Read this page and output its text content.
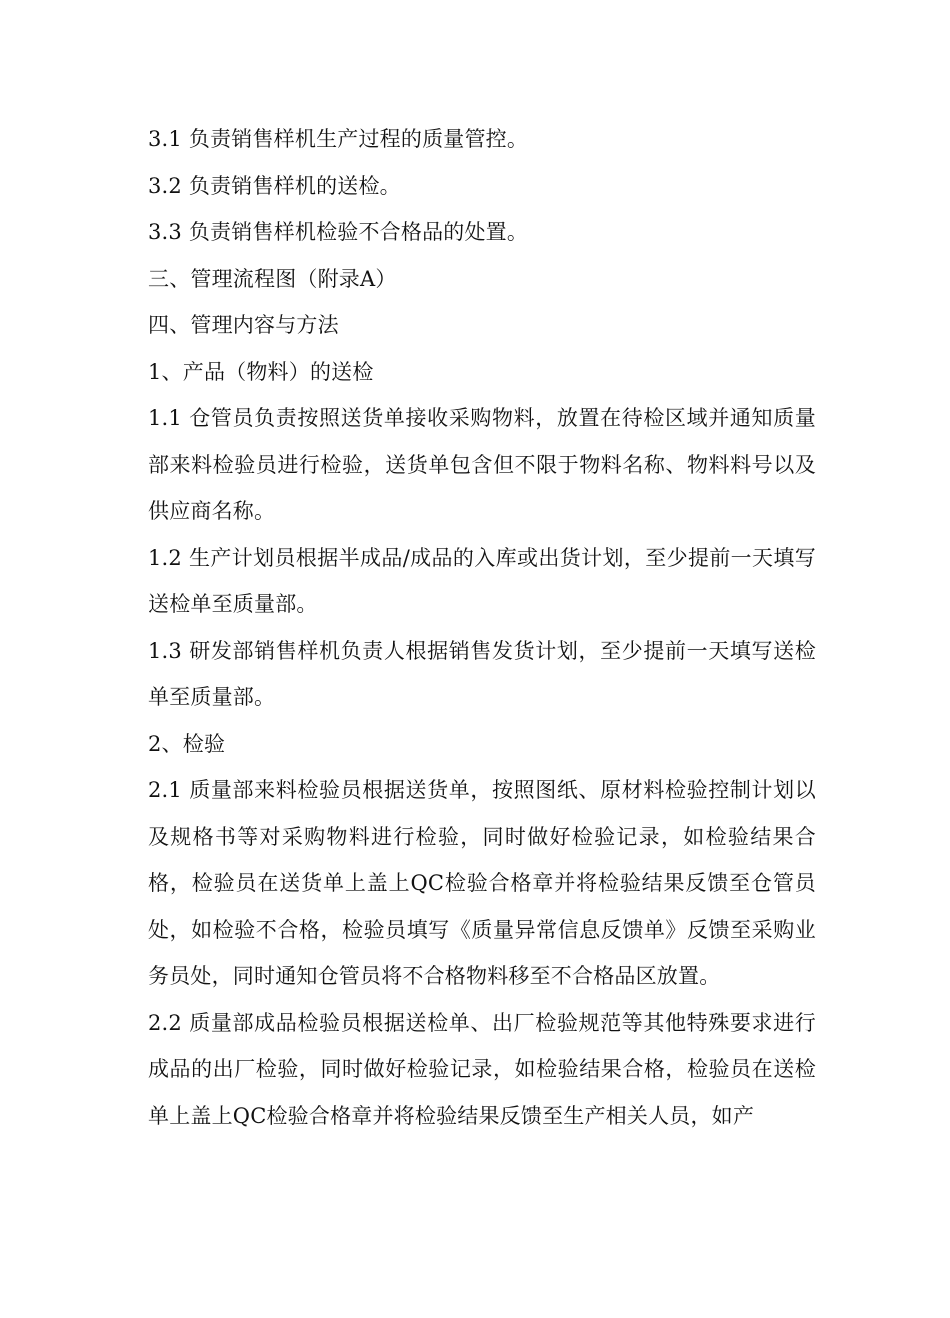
3.1 负责销售样机生产过程的质量管控。

3.2 负责销售样机的送检。

3.3 负责销售样机检验不合格品的处置。

三、管理流程图（附录A）

四、管理内容与方法

1、产品（物料）的送检

1.1 仓管员负责按照送货单接收采购物料，放置在待检区域并通知质量部来料检验员进行检验，送货单包含但不限于物料名称、物料料号以及供应商名称。

1.2 生产计划员根据半成品/成品的入库或出货计划，至少提前一天填写送检单至质量部。

1.3 研发部销售样机负责人根据销售发货计划，至少提前一天填写送检单至质量部。

2、检验

2.1 质量部来料检验员根据送货单，按照图纸、原材料检验控制计划以及规格书等对采购物料进行检验，同时做好检验记录，如检验结果合格，检验员在送货单上盖上QC检验合格章并将检验结果反馈至仓管员处，如检验不合格，检验员填写《质量异常信息反馈单》反馈至采购业务员处，同时通知仓管员将不合格物料移至不合格品区放置。

2.2 质量部成品检验员根据送检单、出厂检验规范等其他特殊要求进行成品的出厂检验，同时做好检验记录，如检验结果合格，检验员在送检单上盖上QC检验合格章并将检验结果反馈至生产相关人员，如产
